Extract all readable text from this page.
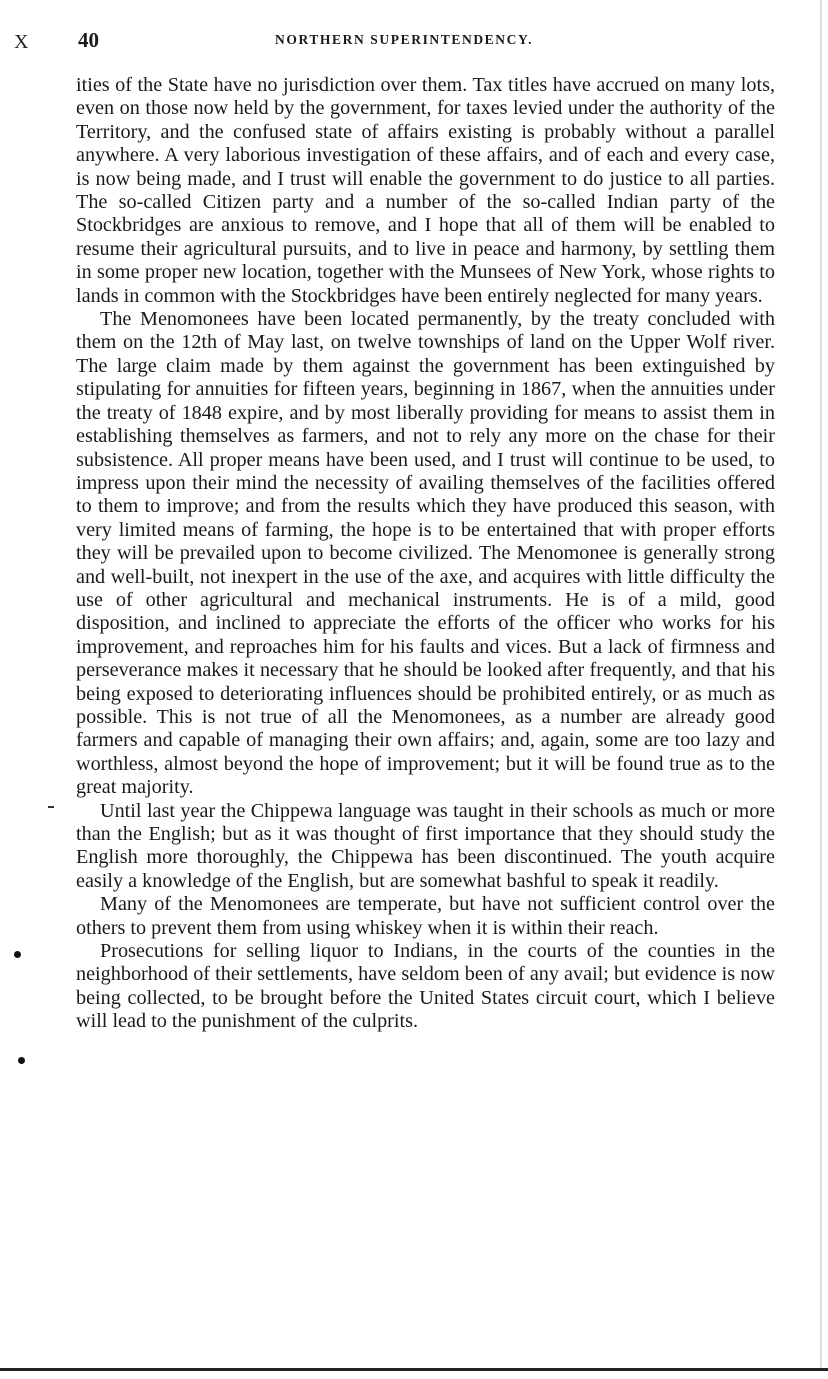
X 40	NORTHERN SUPERINTENDENCY.

ities of the State have no jurisdiction over them. Tax titles have accrued on many lots, even on those now held by the government, for taxes levied under the authority of the Territory, and the confused state of affairs existing is probably without a parallel anywhere. A very laborious investigation of these affairs, and of each and every case, is now being made, and I trust will enable the government to do justice to all parties. The so-called Citizen party and a number of the so-called Indian party of the Stockbridges are anxious to remove, and I hope that all of them will be enabled to resume their agricultural pursuits, and to live in peace and harmony, by settling them in some proper new location, together with the Munsees of New York, whose rights to lands in common with the Stockbridges have been entirely neglected for many years.

The Menomonees have been located permanently, by the treaty concluded with them on the 12th of May last, on twelve townships of land on the Upper Wolf river. The large claim made by them against the government has been extinguished by stipulating for annuities for fifteen years, beginning in 1867, when the annuities under the treaty of 1848 expire, and by most liberally providing for means to assist them in establishing themselves as farmers, and not to rely any more on the chase for their subsistence. All proper means have been used, and I trust will continue to be used, to impress upon their mind the necessity of availing themselves of the facilities offered to them to improve; and from the results which they have produced this season, with very limited means of farming, the hope is to be entertained that with proper efforts they will be prevailed upon to become civilized. The Menomonee is generally strong and well-built, not inexpert in the use of the axe, and acquires with little difficulty the use of other agricultural and mechanical instruments. He is of a mild, good disposition, and inclined to appreciate the efforts of the officer who works for his improvement, and reproaches him for his faults and vices. But a lack of firmness and perseverance makes it necessary that he should be looked after frequently, and that his being exposed to deteriorating influences should be prohibited entirely, or as much as possible. This is not true of all the Menomonees, as a number are already good farmers and capable of managing their own affairs; and, again, some are too lazy and worthless, almost beyond the hope of improvement; but it will be found true as to the great majority.

Until last year the Chippewa language was taught in their schools as much or more than the English; but as it was thought of first importance that they should study the English more thoroughly, the Chippewa has been discontinued. The youth acquire easily a knowledge of the English, but are somewhat bashful to speak it readily.

Many of the Menomonees are temperate, but have not sufficient control over the others to prevent them from using whiskey when it is within their reach.

Prosecutions for selling liquor to Indians, in the courts of the counties in the neighborhood of their settlements, have seldom been of any avail; but evidence is now being collected, to be brought before the United States circuit court, which I believe will lead to the punishment of the culprits.
